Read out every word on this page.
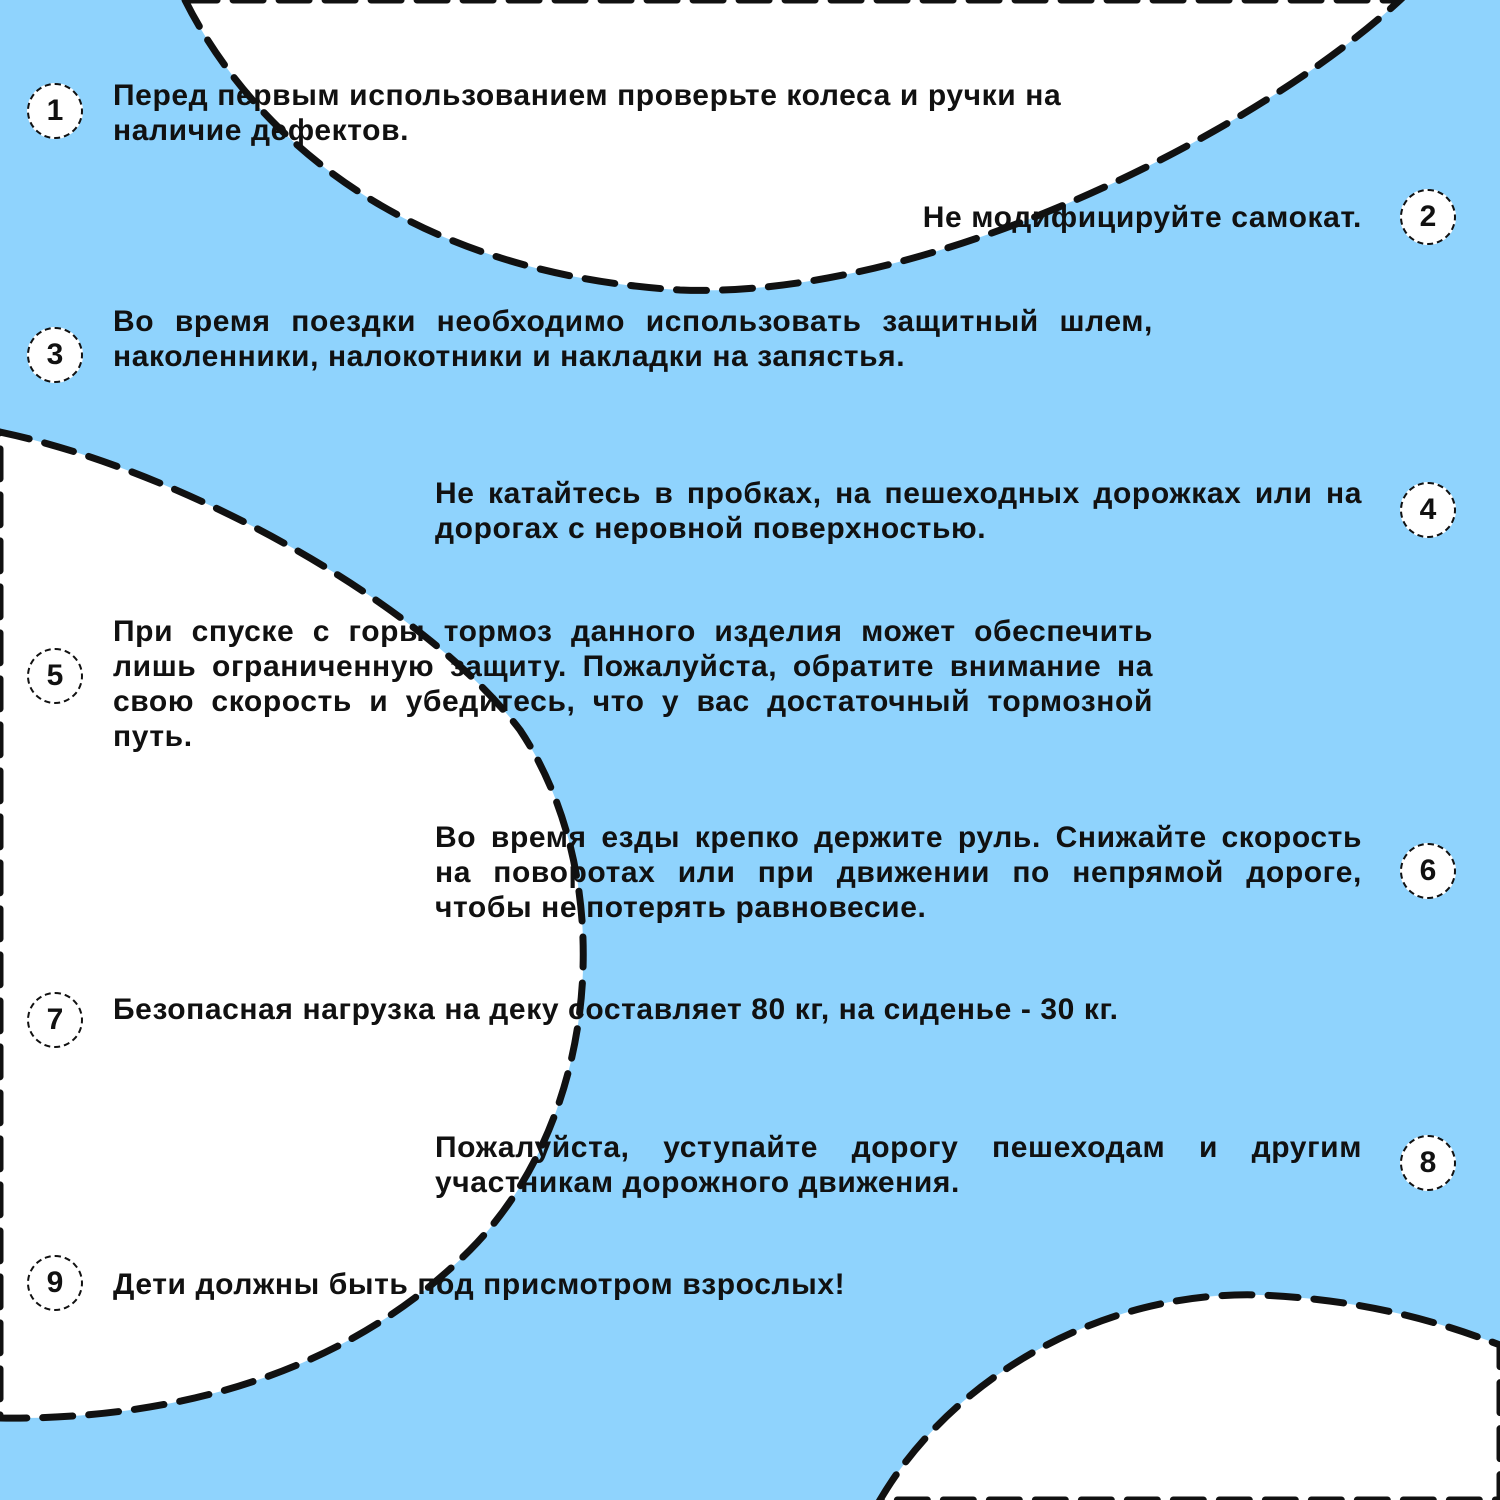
1	Перед первым использованием проверьте колеса и ручки на наличие дефектов.

2

Не модифицируйте самокат.

3

Во время поездки необходимо использовать защитный шлем, наколенники, налокотники и накладки на запястья.

4

Не катайтесь в пробках, на пешеходных дорожках или на дорогах с неровной поверхностью.

5

При спуске с горы тормоз данного изделия может обеспечить лишь ограниченную защиту. Пожалуйста, обратите внимание на свою скорость и убедитесь, что у вас достаточный тормозной путь.

6

Во время езды крепко держите руль. Снижайте скорость на поворотах или при движении по непрямой дороге, чтобы не потерять равновесие.

7	Безопасная нагрузка на деку составляет 80 кг, на сиденье - 30 кг.

8

Пожалуйста, уступайте дорогу пешеходам и другим участникам дорожного движения.

9	Дети должны быть под присмотром взрослых!
